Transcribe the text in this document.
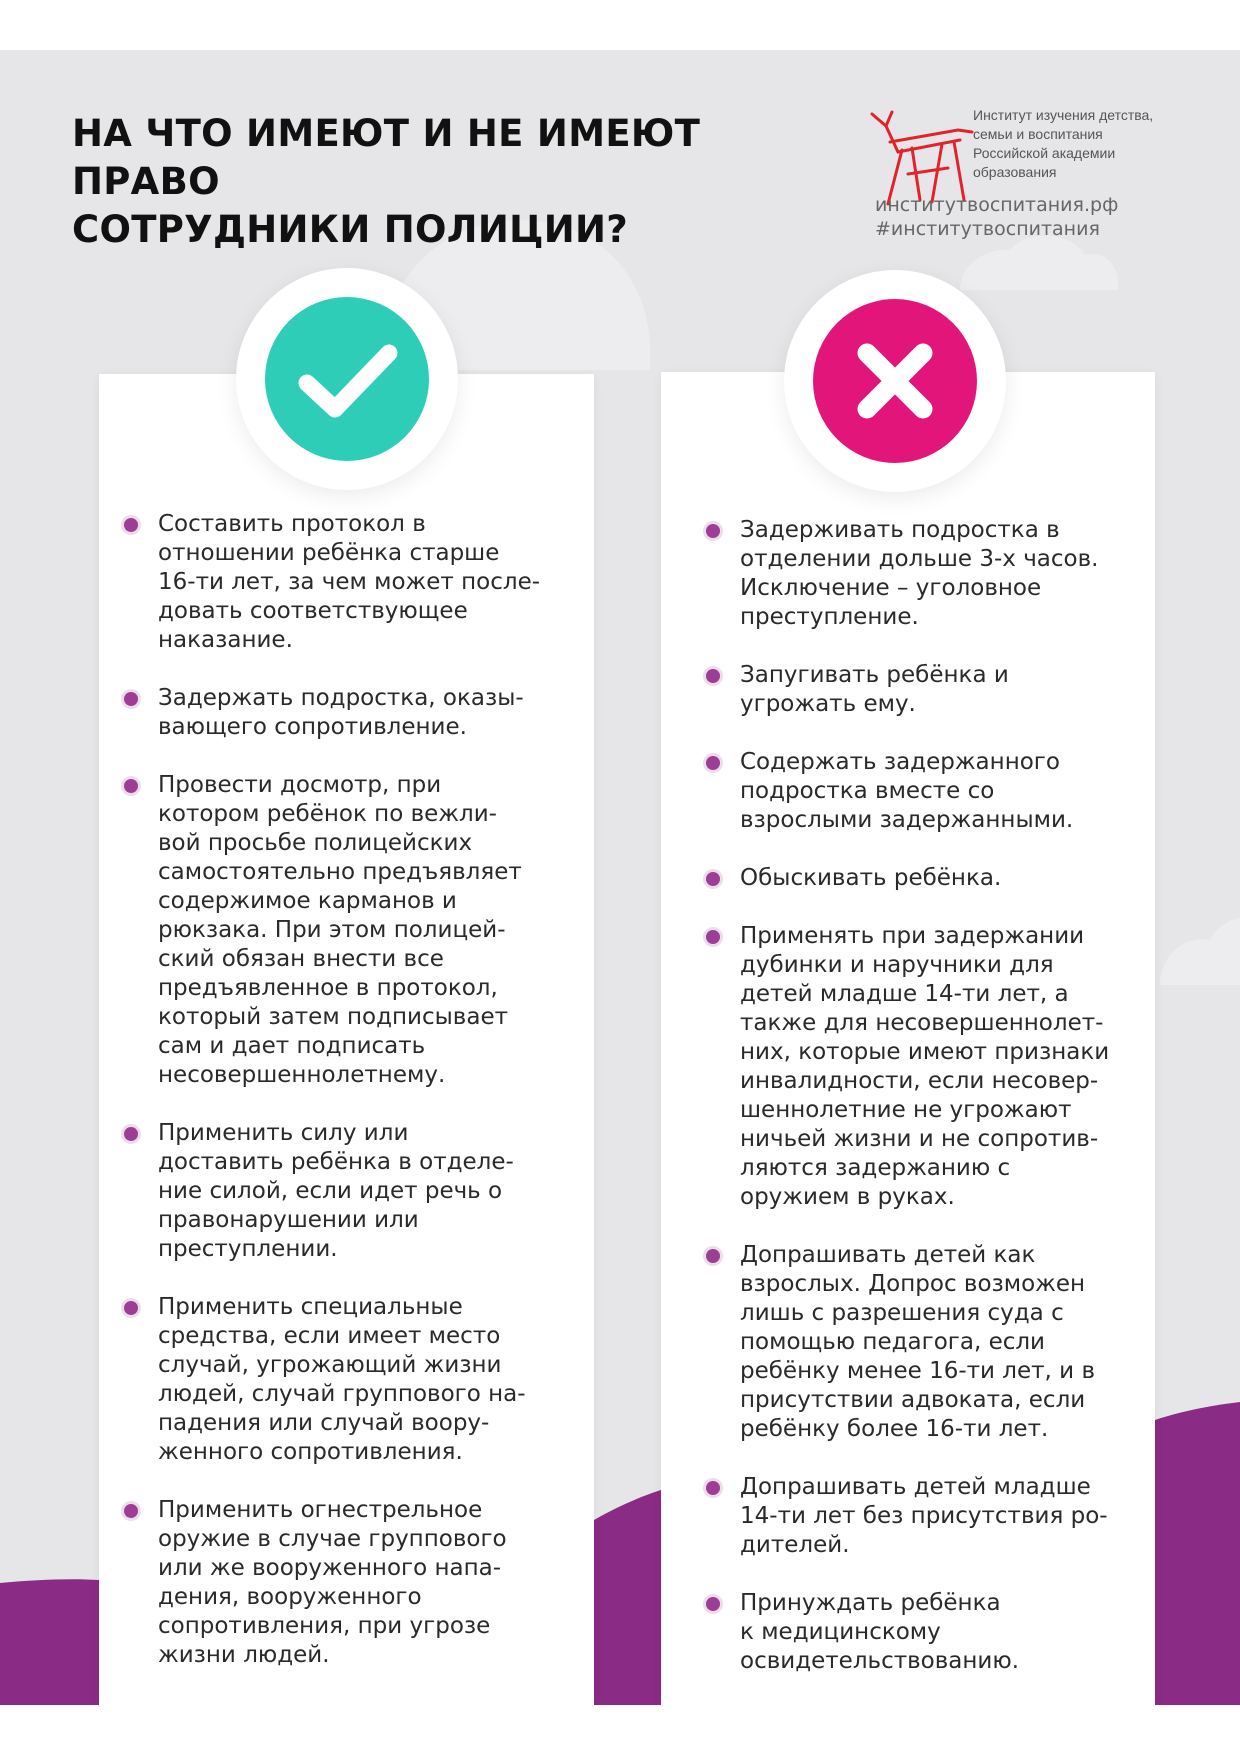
НА ЧТО ИМЕЮТ И НЕ ИМЕЮТ ПРАВО
СОТРУДНИКИ ПОЛИЦИИ?
Институт изучения детства,
семьи и воспитания
Российской академии
образования
институтвоспитания.рф
#институтвоспитания
Составить протокол в
отношении ребёнка старше
16-ти лет, за чем может после-
довать соответствующее
наказание.
Задержать подростка, оказы-
вающего сопротивление.
Провести досмотр, при
котором ребёнок по вежли-
вой просьбе полицейских
самостоятельно предъявляет
содержимое карманов и
рюкзака. При этом полицей-
ский обязан внести все
предъявленное в протокол,
который затем подписывает
сам и дает подписать
несовершеннолетнему.
Применить силу или
доставить ребёнка в отделе-
ние силой, если идет речь о
правонарушении или
преступлении.
Применить специальные
средства, если имеет место
случай, угрожающий жизни
людей, случай группового на-
падения или случай воору-
женного сопротивления.
Применить огнестрельное
оружие в случае группового
или же вооруженного напа-
дения, вооруженного
сопротивления, при угрозе
жизни людей.
Задерживать подростка в
отделении дольше 3-х часов.
Исключение – уголовное
преступление.
Запугивать ребёнка и
угрожать ему.
Содержать задержанного
подростка вместе со
взрослыми задержанными.
Обыскивать ребёнка.
Применять при задержании
дубинки и наручники для
детей младше 14-ти лет, а
также для несовершеннолет-
них, которые имеют признаки
инвалидности, если несовер-
шеннолетние не угрожают
ничьей жизни и не сопротив-
ляются задержанию с
оружием в руках.
Допрашивать детей как
взрослых. Допрос возможен
лишь с разрешения суда с
помощью педагога, если
ребёнку менее 16-ти лет, и в
присутствии адвоката, если
ребёнку более 16-ти лет.
Допрашивать детей младше
14-ти лет без присутствия ро-
дителей.
Принуждать ребёнка
к медицинскому
освидетельствованию.
